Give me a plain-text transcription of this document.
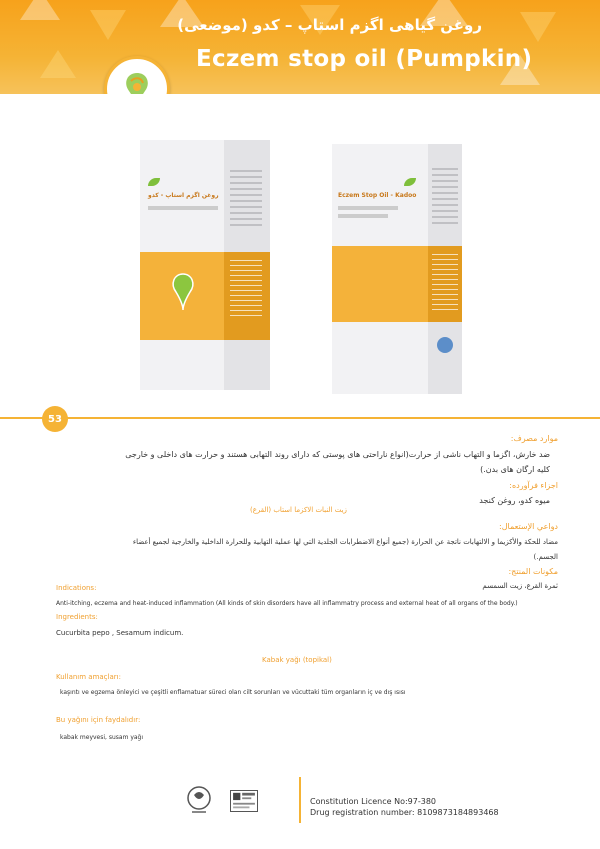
روغن گیاهی اگزم استاپ – کدو (موضعی)
Eczem stop oil (Pumpkin)
روغن اگزم استاپ - کدو	Eczem Stop Oil - Kadoo
53
موارد مصرف:
ضد خارش، اگزما و التهاب ناشی از حرارت(انواع ناراحتی های پوستی که دارای روند التهابی هستند و حرارت های داخلی و خارجی
کلیه ارگان های بدن.)
اجزاء فرآورده:
میوه کدو، روغن کنجد
زيت النبات الاكزما استاب (القرع)
دواعي الإستعمال:
مضاد للحكة والأكزيما و الالتهابات ناتجة عن الحرارة (جميع أنواع الاضطرابات الجلدية التي لها عملية التهابية وللحرارة الداخلية والخارجية لجميع أعضاء
الجسم.)
مكونات المنتج:
ثمرة القرع، زيت السمسم
Indications:
Anti-itching, eczema and heat-induced inflammation (All kinds of skin disorders have all inflammatry process and external heat of all organs of the body.)
Ingredients:
Cucurbita pepo , Sesamum indicum.
Kabak yağı (topikal)
Kullanım amaçları:
kaşıntı ve egzema önleyici ve çeşitli enflamatuar süreci olan cilt sorunları ve vücuttaki tüm organların iç ve dış ısısı
Bu yağını için faydalıdır:
kabak meyvesi, susam yağı
Constitution Licence No:97-380
Drug registration number: 8109873184893468
